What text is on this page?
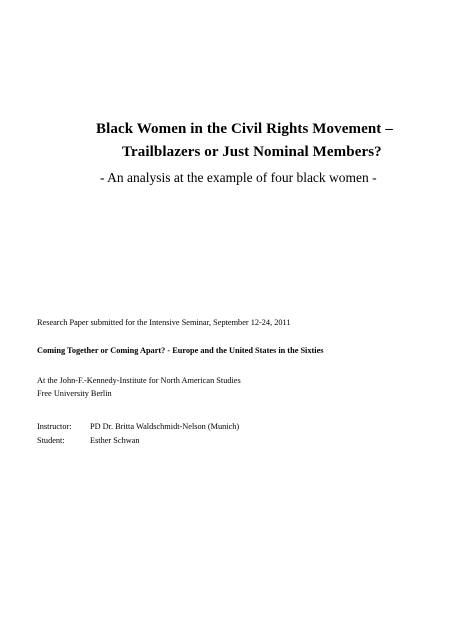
Black Women in the Civil Rights Movement –
Trailblazers or Just Nominal Members?
- An analysis at the example of four black women -
Research Paper submitted for the Intensive Seminar, September 12-24, 2011
Coming Together or Coming Apart? - Europe and the United States in the Sixties
At the John-F.-Kennedy-Institute for North American Studies
Free University Berlin
Instructor: PD Dr. Britta Waldschmidt-Nelson (Munich)
Student:	Esther Schwan
